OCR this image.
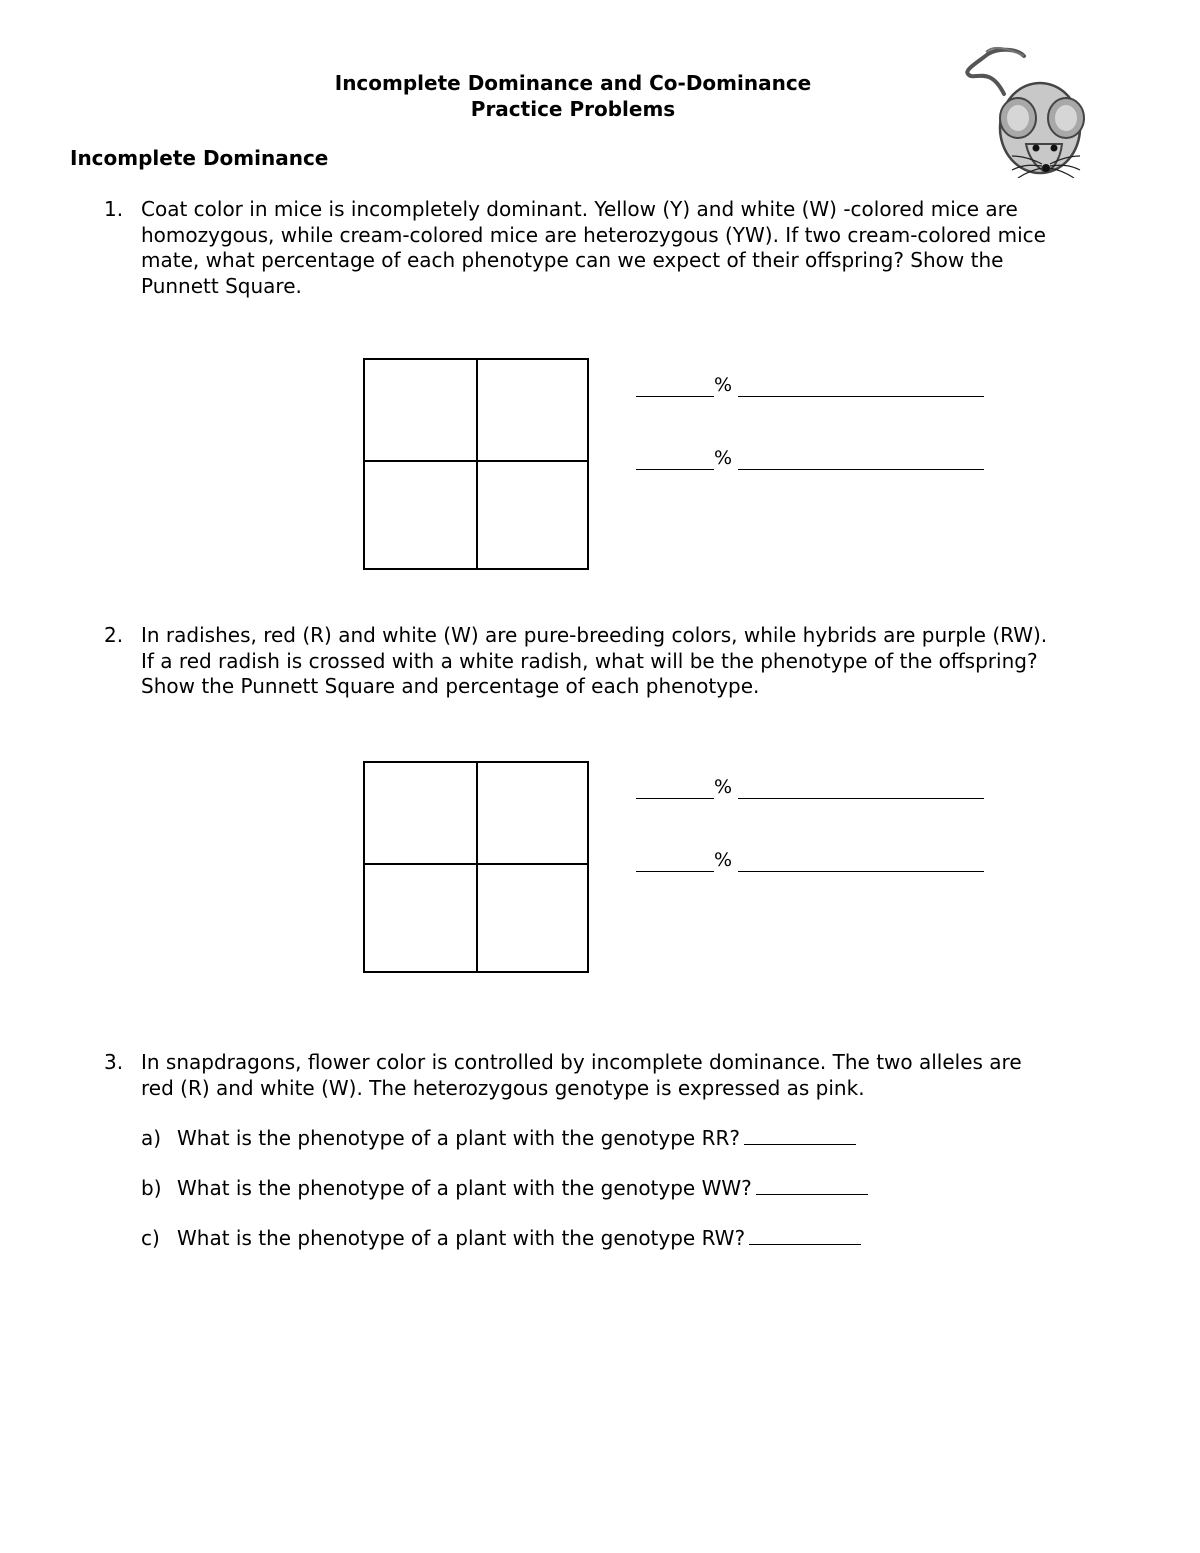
Incomplete Dominance and Co-Dominance
Practice Problems
Incomplete Dominance
1. Coat color in mice is incompletely dominant. Yellow (Y) and white (W) -colored mice are
homozygous, while cream-colored mice are heterozygous (YW). If two cream-colored mice
mate, what percentage of each phenotype can we expect of their offspring? Show the
Punnett Square.
%
%
2. In radishes, red (R) and white (W) are pure-breeding colors, while hybrids are purple (RW).
If a red radish is crossed with a white radish, what will be the phenotype of the offspring?
Show the Punnett Square and percentage of each phenotype.
%
%
3. In snapdragons, flower color is controlled by incomplete dominance. The two alleles are
red (R) and white (W). The heterozygous genotype is expressed as pink.
a) What is the phenotype of a plant with the genotype RR?
b) What is the phenotype of a plant with the genotype WW?
c) What is the phenotype of a plant with the genotype RW?
